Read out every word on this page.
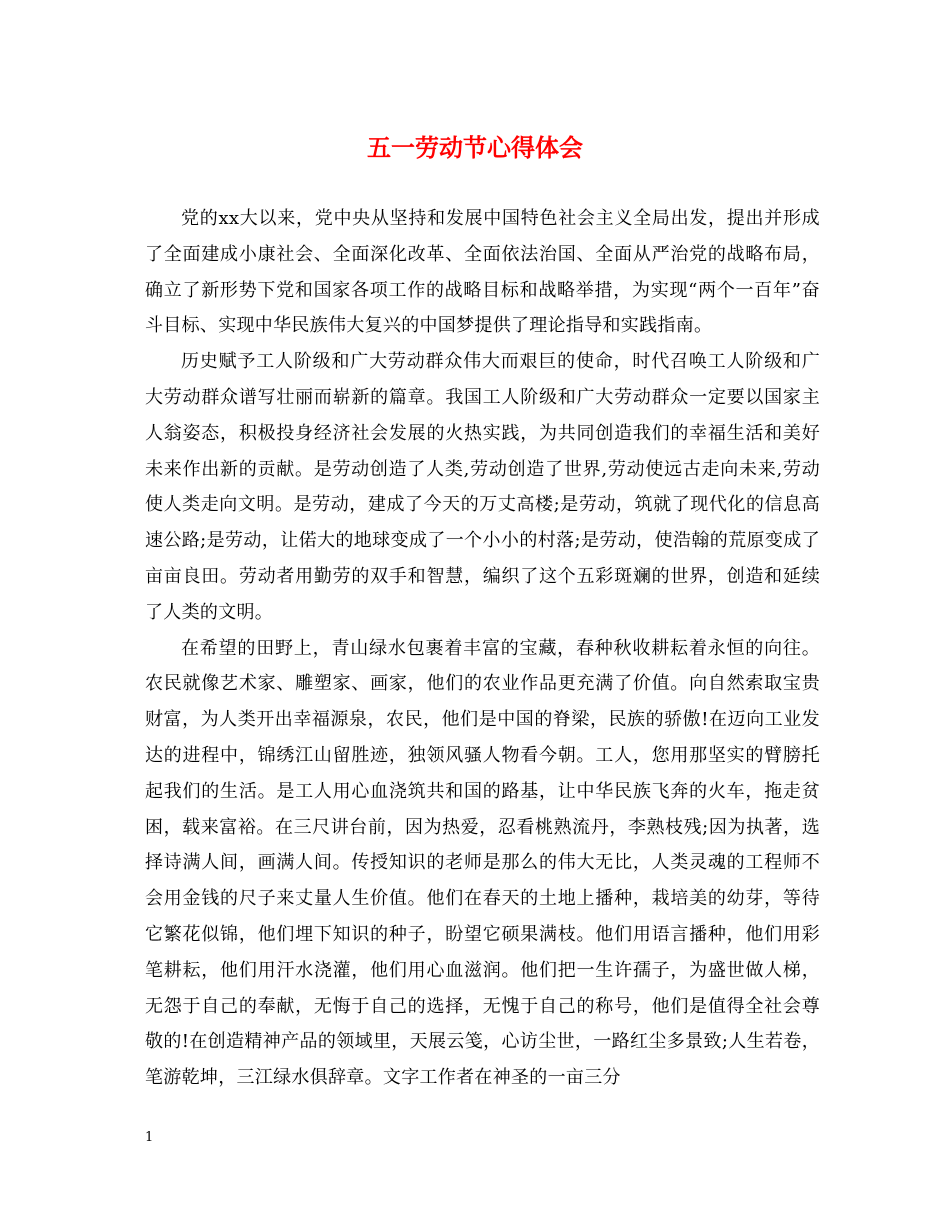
五一劳动节心得体会

党的xx大以来，党中央从坚持和发展中国特色社会主义全局出发，提出并形成了全面建成小康社会、全面深化改革、全面依法治国、全面从严治党的战略布局，确立了新形势下党和国家各项工作的战略目标和战略举措，为实现“两个一百年”奋斗目标、实现中华民族伟大复兴的中国梦提供了理论指导和实践指南。

历史赋予工人阶级和广大劳动群众伟大而艰巨的使命，时代召唤工人阶级和广大劳动群众谱写壮丽而崭新的篇章。我国工人阶级和广大劳动群众一定要以国家主人翁姿态，积极投身经济社会发展的火热实践，为共同创造我们的幸福生活和美好未来作出新的贡献。是劳动创造了人类,劳动创造了世界,劳动使远古走向未来,劳动使人类走向文明。是劳动，建成了今天的万丈高楼;是劳动，筑就了现代化的信息高速公路;是劳动，让偌大的地球变成了一个小小的村落;是劳动，使浩翰的荒原变成了亩亩良田。劳动者用勤劳的双手和智慧，编织了这个五彩斑斓的世界，创造和延续了人类的文明。

在希望的田野上，青山绿水包裹着丰富的宝藏，春种秋收耕耘着永恒的向往。农民就像艺术家、雕塑家、画家，他们的农业作品更充满了价值。向自然索取宝贵财富，为人类开出幸福源泉，农民，他们是中国的脊梁，民族的骄傲!在迈向工业发达的进程中，锦绣江山留胜迹，独领风骚人物看今朝。工人，您用那坚实的臂膀托起我们的生活。是工人用心血浇筑共和国的路基，让中华民族飞奔的火车，拖走贫困，载来富裕。在三尺讲台前，因为热爱，忍看桃熟流丹，李熟枝残;因为执著，选择诗满人间，画满人间。传授知识的老师是那么的伟大无比，人类灵魂的工程师不会用金钱的尺子来丈量人生价值。他们在春天的土地上播种，栽培美的幼芽，等待它繁花似锦，他们埋下知识的种子，盼望它硕果满枝。他们用语言播种，他们用彩笔耕耘，他们用汗水浇灌，他们用心血滋润。他们把一生许孺子，为盛世做人梯，无怨于自己的奉献，无悔于自己的选择，无愧于自己的称号，他们是值得全社会尊敬的!在创造精神产品的领域里，天展云笺，心访尘世，一路红尘多景致;人生若卷，笔游乾坤，三江绿水俱辞章。文字工作者在神圣的一亩三分

1
